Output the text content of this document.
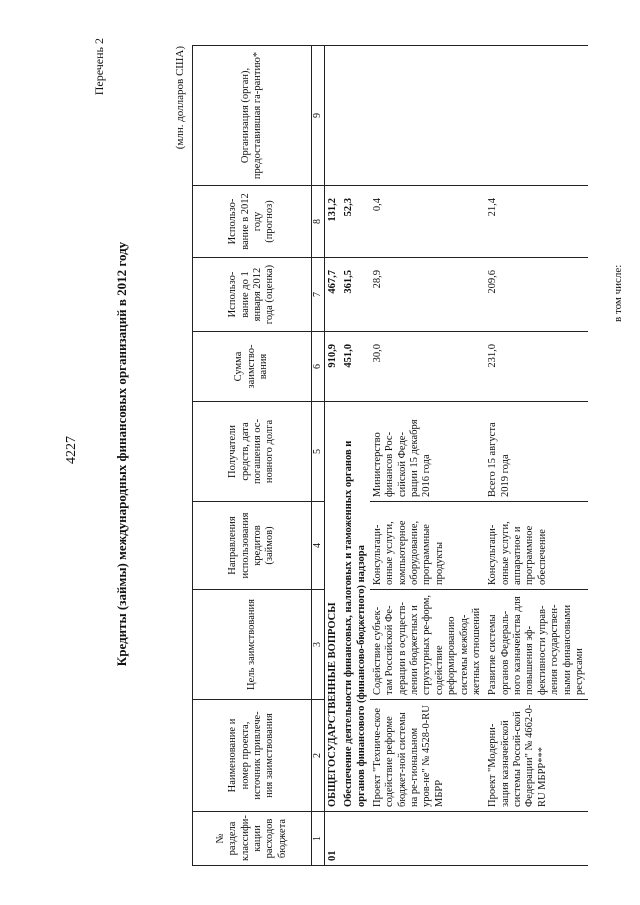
4227
Перечень 2
Кредиты (займы) международных финансовых организаций в 2012 году
(млн. долларов США)
№ раздела классифи-кации расходов бюджета	Наименование и номер проекта, источник привлече-ния заимствования	Цель заимствования	Направления использования кредитов (займов)	Получатели средств, дата погашения ос-новного долга	Сумма заимство-вания	Использо-вание до 1 января 2012 года (оценка)	Использо-вание в 2012 году (прогноз)	Организация (орган), предоставившая га-рантию*
1	2	3	4	5	6	7	8	9
01	ОБЩЕГОСУДАРСТВЕННЫЕ ВОПРОСЫ				910,9	467,7	131,2	
	Обеспечение деятельности финансовых, налоговых и таможенных органов и органов финансового (финансово-бюджетного) надзора				451,0	361,5	52,3	
	Проект "Техниче-ское содействие реформе бюджет-ной системы на ре-гиональном уров-не" № 4528-0-RU МБРР	Содействие субъек-там Российской Фе-дерации в осуществ-лении бюджетных и структурных ре-форм, содействие реформированию системы межбюд-жетных отношений	Консультаци-онные услуги, компьютерное оборудование, программные продукты	Министерство финансов Рос-сийской Феде-рации 15 декабря 2016 года	30,0	28,9	0,4	
	Проект "Модерни-зация казначейской системы Россий-ской Федерации" № 4662-0-RU МБРР***	Развитие системы органов Федераль-ного казначейства для повышения эф-фективности управ-ления государствен-ными финансовыми ресурсами	Консультаци-онные услуги, аппаратное и программное обеспечение	Всего 15 августа 2019 года	231,0	209,6	21,4	
в том числе:
